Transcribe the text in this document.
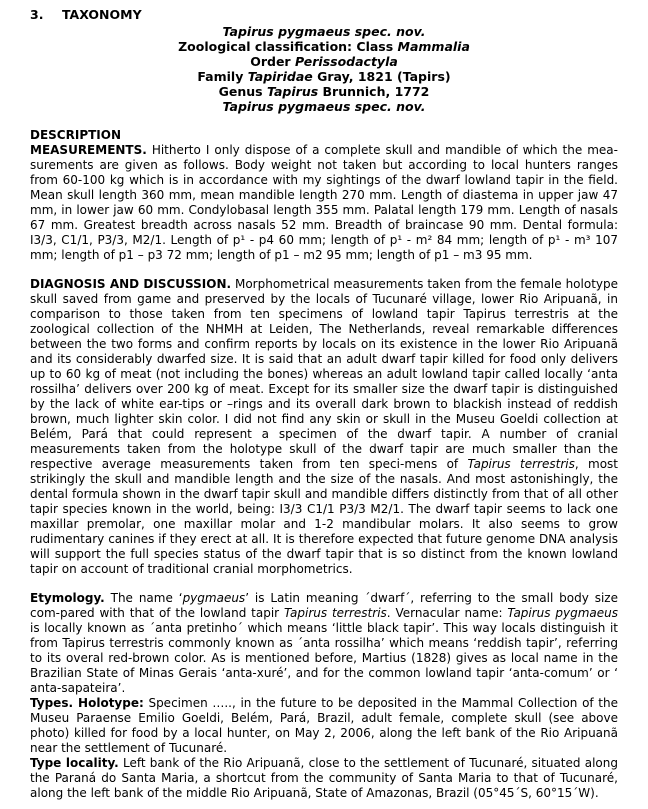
3. TAXONOMY
Tapirus pygmaeus spec. nov.
Zoological classification: Class Mammalia
Order Perissodactyla
Family Tapiridae Gray, 1821 (Tapirs)
Genus Tapirus Brunnich, 1772
Tapirus pygmaeus spec. nov.
DESCRIPTION

MEASUREMENTS. Hitherto I only dispose of a complete skull and mandible of which the mea-surements are given as follows. Body weight not taken but according to local hunters ranges from 60-100 kg which is in accordance with my sightings of the dwarf lowland tapir in the field. Mean skull length 360 mm, mean mandible length 270 mm. Length of diastema in upper jaw 47 mm, in lower jaw 60 mm. Condylobasal length 355 mm. Palatal length 179 mm. Length of nasals 67 mm. Greatest breadth across nasals 52 mm. Breadth of braincase 90 mm. Dental formula: I3/3, C1/1, P3/3, M2/1. Length of p¹ - p4 60 mm; length of p¹ - m² 84 mm; length of p¹ - m³ 107 mm; length of p1 – p3 72 mm; length of p1 – m2 95 mm; length of p1 – m3 95 mm.

DIAGNOSIS AND DISCUSSION. Morphometrical measurements taken from the female holotype skull saved from game and preserved by the locals of Tucunaré village, lower Rio Aripuanã, in comparison to those taken from ten specimens of lowland tapir Tapirus terrestris at the zoological collection of the NHMH at Leiden, The Netherlands, reveal remarkable differences between the two forms and confirm reports by locals on its existence in the lower Rio Aripuanã and its considerably dwarfed size. It is said that an adult dwarf tapir killed for food only delivers up to 60 kg of meat (not including the bones) whereas an adult lowland tapir called locally ‘anta rossilha’ delivers over 200 kg of meat. Except for its smaller size the dwarf tapir is distinguished by the lack of white ear-tips or –rings and its overall dark brown to blackish instead of reddish brown, much lighter skin color. I did not find any skin or skull in the Museu Goeldi collection at Belém, Pará that could represent a specimen of the dwarf tapir. A number of cranial measurements taken from the holotype skull of the dwarf tapir are much smaller than the respective average measurements taken from ten speci-mens of Tapirus terrestris, most strikingly the skull and mandible length and the size of the nasals. And most astonishingly, the dental formula shown in the dwarf tapir skull and mandible differs distinctly from that of all other tapir species known in the world, being: I3/3 C1/1 P3/3 M2/1. The dwarf tapir seems to lack one maxillar premolar, one maxillar molar and 1-2 mandibular molars. It also seems to grow rudimentary canines if they erect at all. It is therefore expected that future genome DNA analysis will support the full species status of the dwarf tapir that is so distinct from the known lowland tapir on account of traditional cranial morphometrics.

Etymology. The name ‘pygmaeus’ is Latin meaning ´dwarf´, referring to the small body size com-pared with that of the lowland tapir Tapirus terrestris. Vernacular name: Tapirus pygmaeus is locally known as ´anta pretinho´ which means ‘little black tapir’. This way locals distinguish it from Tapirus terrestris commonly known as ´anta rossilha’ which means ‘reddish tapir’, referring to its overal red-brown color. As is mentioned before, Martius (1828) gives as local name in the Brazilian State of Minas Gerais ‘anta-xuré’, and for the common lowland tapir ‘anta-comum’ or ‘ anta-sapateira’.

Types. Holotype: Specimen ….., in the future to be deposited in the Mammal Collection of the Museu Paraense Emilio Goeldi, Belém, Pará, Brazil, adult female, complete skull (see above photo) killed for food by a local hunter, on May 2, 2006, along the left bank of the Rio Aripuanã near the settlement of Tucunaré.

Type locality. Left bank of the Rio Aripuanã, close to the settlement of Tucunaré, situated along the Paraná do Santa Maria, a shortcut from the community of Santa Maria to that of Tucunaré, along the left bank of the middle Rio Aripuanã, State of Amazonas, Brazil (05°45´S, 60°15´W).
